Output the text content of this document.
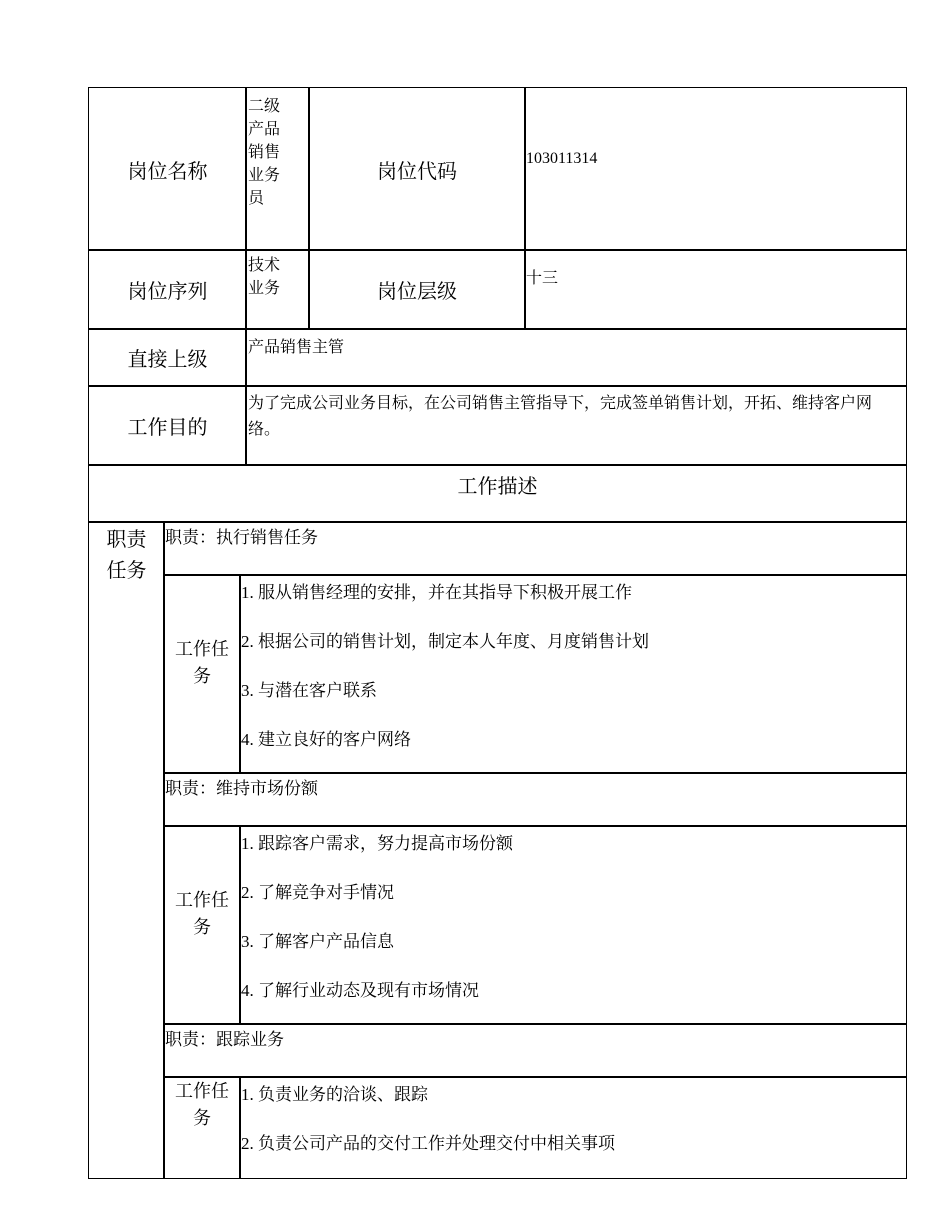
岗位名称
二级
产品
销售
业务
员
岗位代码
103011314
岗位序列
技术
业务	岗位层级
十三
直接上级
产品销售主管
工作目的
为了完成公司业务目标，在公司销售主管指导下，完成签单销售计划，开拓、维持客户网络。
工作描述
职责
任务
职责：执行销售任务
工作任
务
1. 服从销售经理的安排，并在其指导下积极开展工作
2. 根据公司的销售计划，制定本人年度、月度销售计划
3. 与潜在客户联系
4. 建立良好的客户网络
职责：维持市场份额
工作任
务
1. 跟踪客户需求，努力提高市场份额
2. 了解竞争对手情况
3. 了解客户产品信息
4. 了解行业动态及现有市场情况
职责：跟踪业务
工作任
务
1. 负责业务的洽谈、跟踪
2. 负责公司产品的交付工作并处理交付中相关事项
